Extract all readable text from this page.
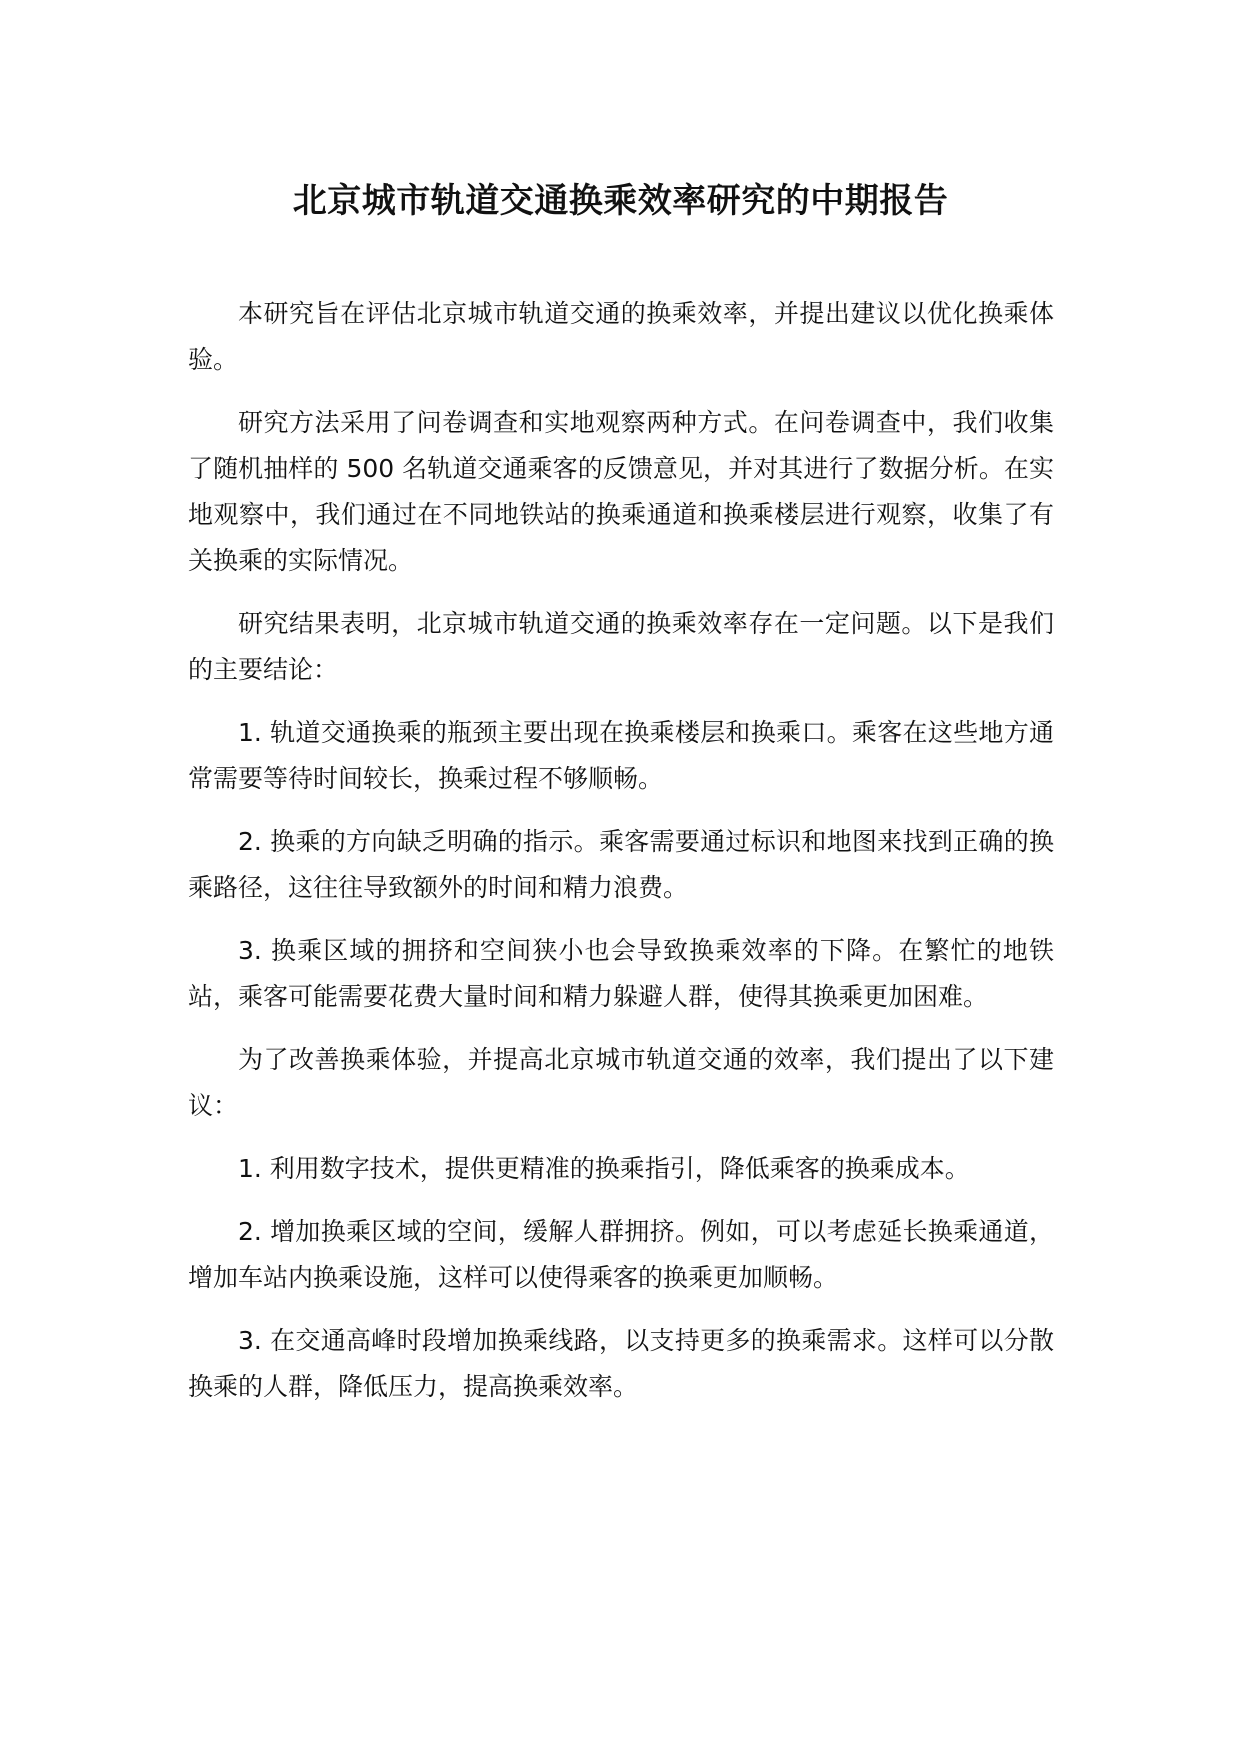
北京城市轨道交通换乘效率研究的中期报告

本研究旨在评估北京城市轨道交通的换乘效率，并提出建议以优化换乘体验。

研究方法采用了问卷调查和实地观察两种方式。在问卷调查中，我们收集了随机抽样的 500 名轨道交通乘客的反馈意见，并对其进行了数据分析。在实地观察中，我们通过在不同地铁站的换乘通道和换乘楼层进行观察，收集了有关换乘的实际情况。

研究结果表明，北京城市轨道交通的换乘效率存在一定问题。以下是我们的主要结论：

1. 轨道交通换乘的瓶颈主要出现在换乘楼层和换乘口。乘客在这些地方通常需要等待时间较长，换乘过程不够顺畅。

2. 换乘的方向缺乏明确的指示。乘客需要通过标识和地图来找到正确的换乘路径，这往往导致额外的时间和精力浪费。

3. 换乘区域的拥挤和空间狭小也会导致换乘效率的下降。在繁忙的地铁站，乘客可能需要花费大量时间和精力躲避人群，使得其换乘更加困难。

为了改善换乘体验，并提高北京城市轨道交通的效率，我们提出了以下建议：

1. 利用数字技术，提供更精准的换乘指引，降低乘客的换乘成本。

2. 增加换乘区域的空间，缓解人群拥挤。例如，可以考虑延长换乘通道，增加车站内换乘设施，这样可以使得乘客的换乘更加顺畅。

3. 在交通高峰时段增加换乘线路，以支持更多的换乘需求。这样可以分散换乘的人群，降低压力，提高换乘效率。
